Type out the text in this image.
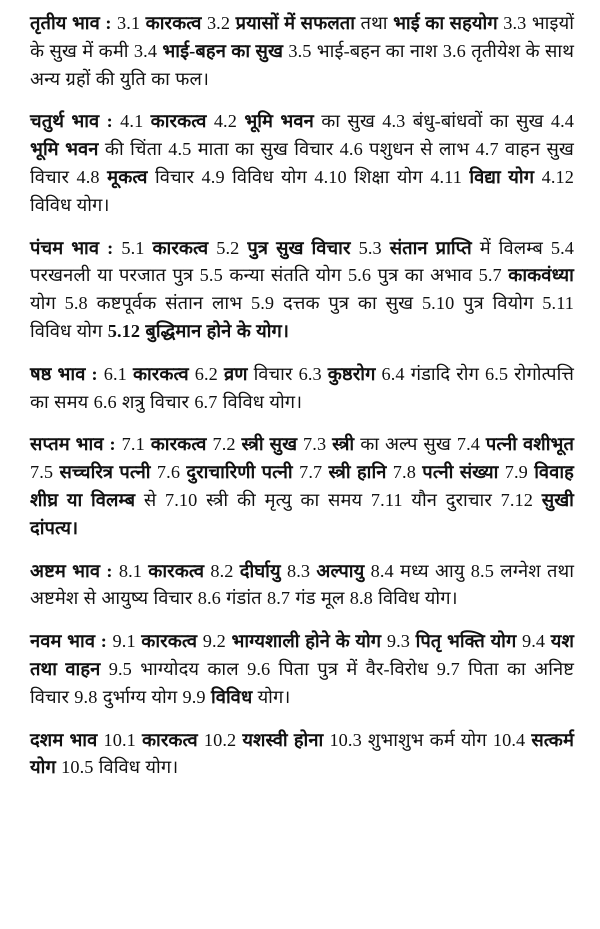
तृतीय भाव : 3.1 कारकत्व 3.2 प्रयासों में सफलता तथा भाई का सहयोग 3.3 भाइयों के सुख में कमी 3.4 भाई-बहन का सुख 3.5 भाई-बहन का नाश 3.6 तृतीयेश के साथ अन्य ग्रहों की युति का फल।

चतुर्थ भाव : 4.1 कारकत्व 4.2 भूमि भवन का सुख 4.3 बंधु-बांधवों का सुख 4.4 भूमि भवन की चिंता 4.5 माता का सुख विचार 4.6 पशुधन से लाभ 4.7 वाहन सुख विचार 4.8 मूकत्व विचार 4.9 विविध योग 4.10 शिक्षा योग 4.11 विद्या योग 4.12 विविध योग।

पंचम भाव : 5.1 कारकत्व 5.2 पुत्र सुख विचार 5.3 संतान प्राप्ति में विलम्ब 5.4 परखनली या परजात पुत्र 5.5 कन्या संतति योग 5.6 पुत्र का अभाव 5.7 काकवंध्या योग 5.8 कष्टपूर्वक संतान लाभ 5.9 दत्तक पुत्र का सुख 5.10 पुत्र वियोग 5.11 विविध योग 5.12 बुद्धिमान होने के योग।

षष्ठ भाव : 6.1 कारकत्व 6.2 व्रण विचार 6.3 कुष्ठरोग 6.4 गंडादि रोग 6.5 रोगोत्पत्ति का समय 6.6 शत्रु विचार 6.7 विविध योग।

सप्तम भाव : 7.1 कारकत्व 7.2 स्त्री सुख 7.3 स्त्री का अल्प सुख 7.4 पत्नी वशीभूत 7.5 सच्चरित्र पत्नी 7.6 दुराचारिणी पत्नी 7.7 स्त्री हानि 7.8 पत्नी संख्या 7.9 विवाह शीघ्र या विलम्ब से 7.10 स्त्री की मृत्यु का समय 7.11 यौन दुराचार 7.12 सुखी दांपत्य।

अष्टम भाव : 8.1 कारकत्व 8.2 दीर्घायु 8.3 अल्पायु 8.4 मध्य आयु 8.5 लग्नेश तथा अष्टमेश से आयुष्य विचार 8.6 गंडांत 8.7 गंड मूल 8.8 विविध योग।

नवम भाव : 9.1 कारकत्व 9.2 भाग्यशाली होने के योग 9.3 पितृ भक्ति योग 9.4 यश तथा वाहन 9.5 भाग्योदय काल 9.6 पिता पुत्र में वैर-विरोध 9.7 पिता का अनिष्ट विचार 9.8 दुर्भाग्य योग 9.9 विविध योग।

दशम भाव 10.1 कारकत्व 10.2 यशस्वी होना 10.3 शुभाशुभ कर्म योग 10.4 सत्कर्म योग 10.5 विविध योग।
